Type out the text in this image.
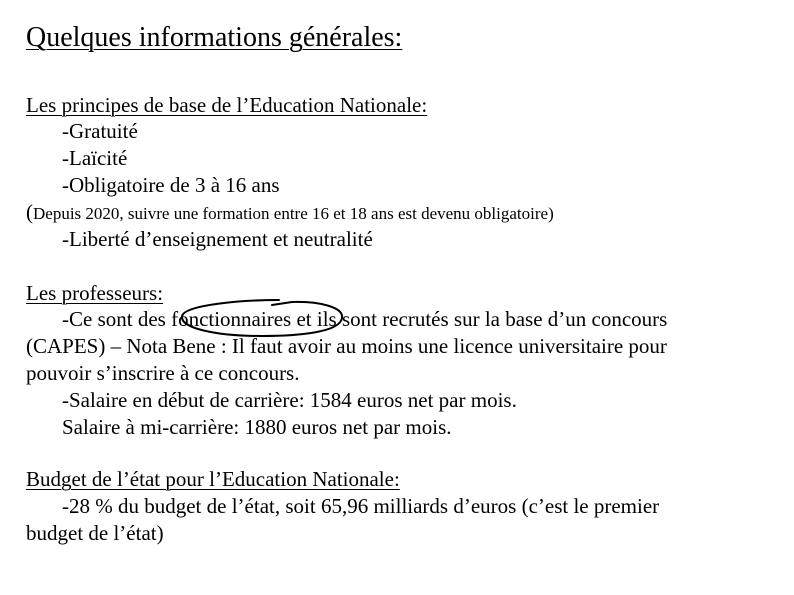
Quelques informations générales:
Les principes de base de l’Education Nationale:
-Gratuité
-Laïcité
-Obligatoire de 3 à 16 ans
(Depuis 2020, suivre une formation entre 16 et 18 ans est devenu obligatoire)
-Liberté d’enseignement et neutralité
Les professeurs:
-Ce sont des fonctionnaires et ils sont recrutés sur la base d’un concours
(CAPES) – Nota Bene : Il faut avoir au moins une licence universitaire pour
pouvoir s’inscrire à ce concours.
-Salaire en début de carrière: 1584 euros net par mois.
Salaire à mi-carrière: 1880 euros net par mois.
Budget de l’état pour l’Education Nationale:
-28 % du budget de l’état, soit 65,96 milliards d’euros (c’est le premier
budget de l’état)
